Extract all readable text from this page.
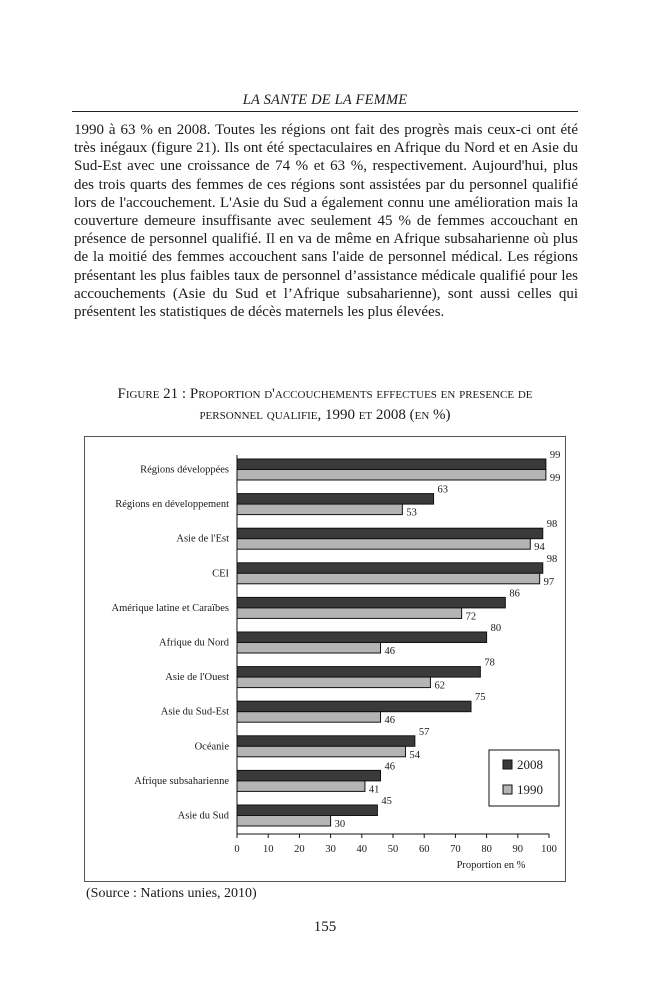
LA SANTE DE LA FEMME

1990 à 63 % en 2008. Toutes les régions ont fait des progrès mais ceux-ci ont été très inégaux (figure 21). Ils ont été spectaculaires en Afrique du Nord et en Asie du Sud-Est avec une croissance de 74 % et 63 %, respectivement. Aujourd'hui, plus des trois quarts des femmes de ces régions sont assistées par du personnel qualifié lors de l'accouchement. L'Asie du Sud a également connu une amélioration mais la couverture demeure insuffisante avec seulement 45 % de femmes accouchant en présence de personnel qualifié. Il en va de même en Afrique subsaharienne où plus de la moitié des femmes accouchent sans l'aide de personnel médical. Les régions présentant les plus faibles taux de personnel d’assistance médicale qualifié pour les accouchements (Asie du Sud et l’Afrique subsaharienne), sont aussi celles qui présentent les statistiques de décès maternels les plus élevées.

Figure 21 : Proportion d'accouchements effectues en presence de
personnel qualifie, 1990 et 2008 (en %)
Régions développées
99
99
Régions en développement
63
53
Asie de l'Est
98
94
CEI
98
97
Amérique latine et Caraïbes
86
72
Afrique du Nord
80
46
Asie de l'Ouest
78
62
Asie du Sud-Est
75
46
Océanie
57
54
Afrique subsaharienne
46
41
Asie du Sud
45
30
0 10 20 30 40 50 60 70 80 90 100
Proportion en %
2008
1990
(Source : Nations unies, 2010)
155
